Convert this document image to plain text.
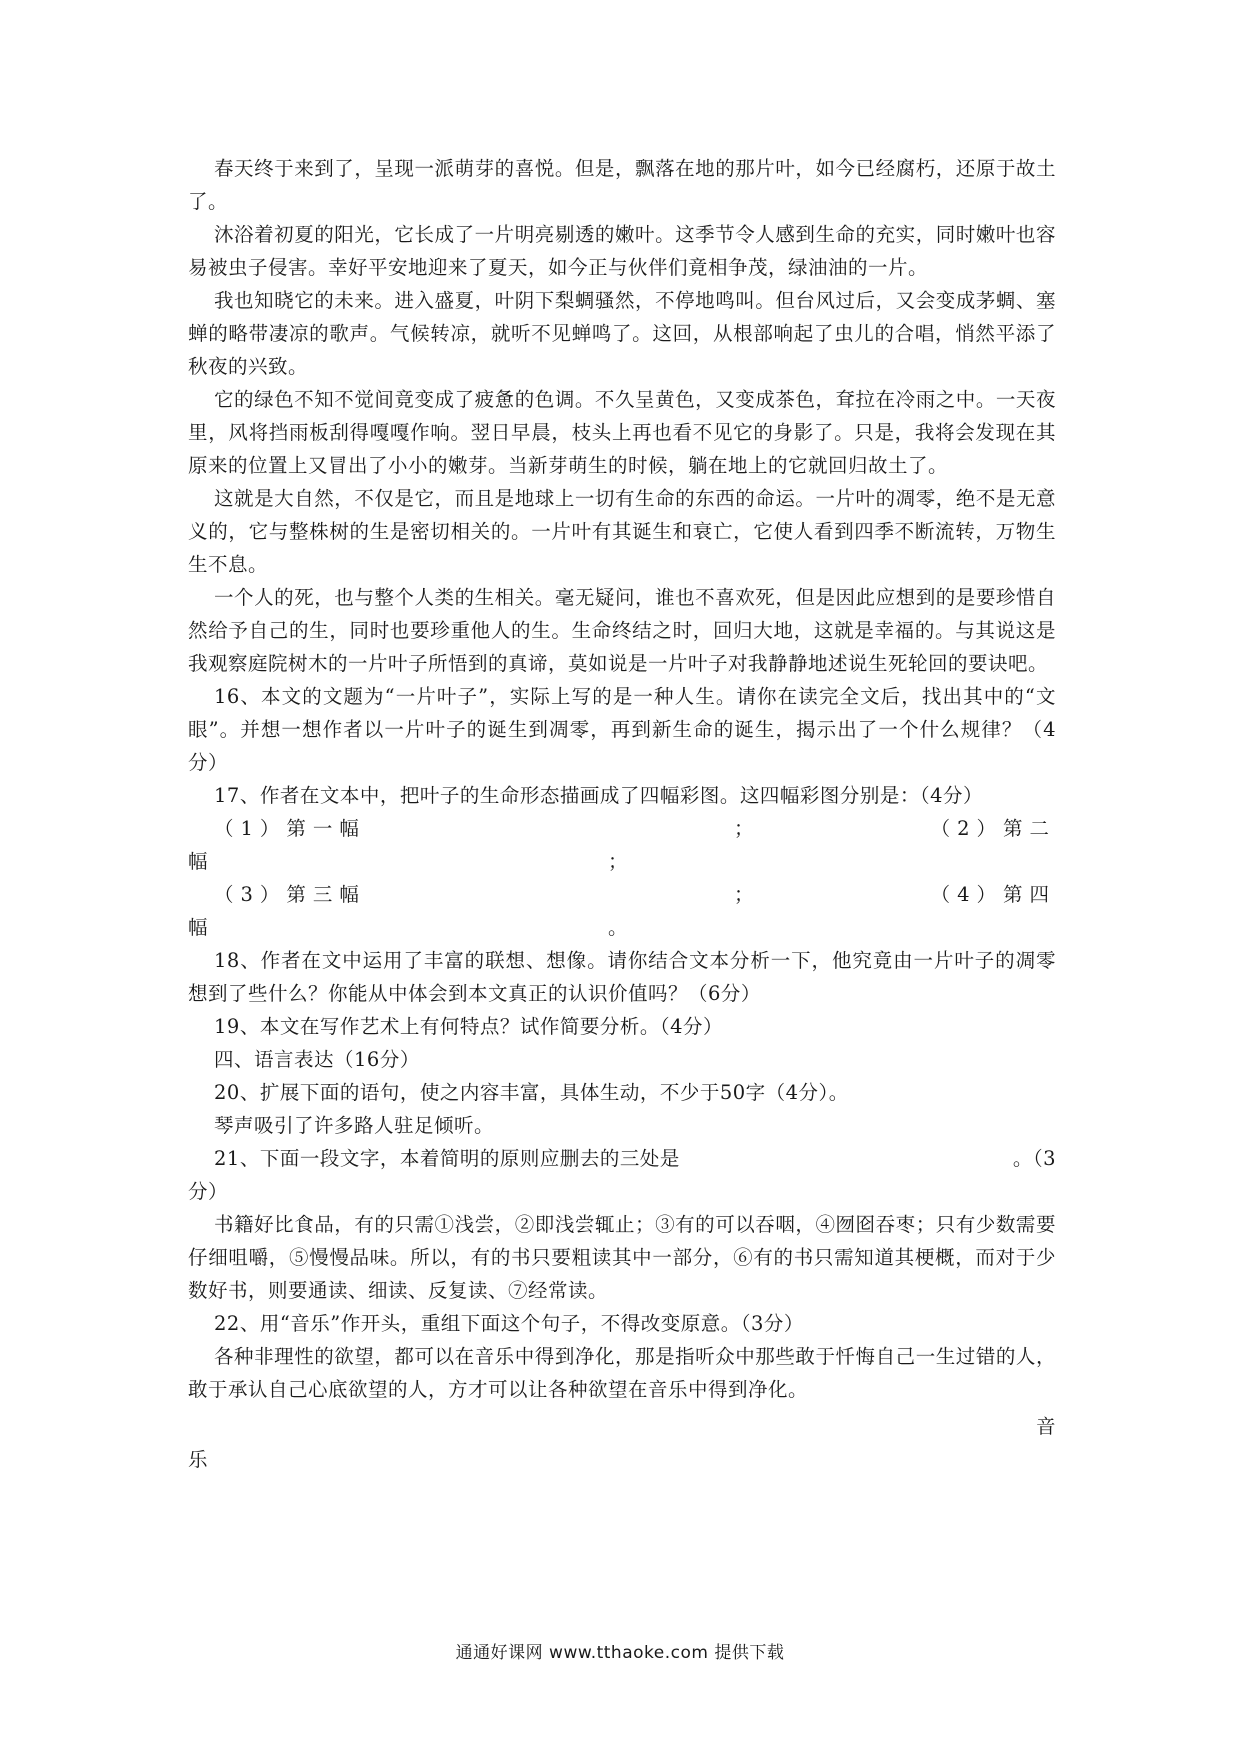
春天终于来到了，呈现一派萌芽的喜悦。但是，飘落在地的那片叶，如今已经腐朽，还原于故土了。

沐浴着初夏的阳光，它长成了一片明亮剔透的嫩叶。这季节令人感到生命的充实，同时嫩叶也容易被虫子侵害。幸好平安地迎来了夏天，如今正与伙伴们竟相争茂，绿油油的一片。

我也知晓它的未来。进入盛夏，叶阴下梨蜩骚然，不停地鸣叫。但台风过后，又会变成茅蜩、塞蝉的略带凄凉的歌声。气候转凉，就听不见蝉鸣了。这回，从根部响起了虫儿的合唱，悄然平添了秋夜的兴致。

它的绿色不知不觉间竟变成了疲惫的色调。不久呈黄色，又变成茶色，耷拉在冷雨之中。一天夜里，风将挡雨板刮得嘎嘎作响。翌日早晨，枝头上再也看不见它的身影了。只是，我将会发现在其原来的位置上又冒出了小小的嫩芽。当新芽萌生的时候，躺在地上的它就回归故土了。

这就是大自然，不仅是它，而且是地球上一切有生命的东西的命运。一片叶的凋零，绝不是无意义的，它与整株树的生是密切相关的。一片叶有其诞生和衰亡，它使人看到四季不断流转，万物生生不息。

一个人的死，也与整个人类的生相关。毫无疑问，谁也不喜欢死，但是因此应想到的是要珍惜自然给予自己的生，同时也要珍重他人的生。生命终结之时，回归大地，这就是幸福的。与其说这是我观察庭院树木的一片叶子所悟到的真谛，莫如说是一片叶子对我静静地述说生死轮回的要诀吧。

16、本文的文题为“一片叶子”，实际上写的是一种人生。请你在读完全文后，找出其中的“文眼”。并想一想作者以一片叶子的诞生到凋零，再到新生命的诞生，揭示出了一个什么规律？（4分）

17、作者在文本中，把叶子的生命形态描画成了四幅彩图。这四幅彩图分别是：（4分）

（1）第一幅	；	（2）第二
幅	；
（3）第三幅	；	（4）第四
幅	。

18、作者在文中运用了丰富的联想、想像。请你结合文本分析一下，他究竟由一片叶子的凋零想到了些什么？你能从中体会到本文真正的认识价值吗？（6分）

19、本文在写作艺术上有何特点？试作简要分析。（4分）

四、语言表达（16分）

20、扩展下面的语句，使之内容丰富，具体生动，不少于50字（4分）。

琴声吸引了许多路人驻足倾听。

21、下面一段文字，本着简明的原则应删去的三处是	。（3

分）

书籍好比食品，有的只需①浅尝，②即浅尝辄止；③有的可以吞咽，④囫囵吞枣；只有少数需要仔细咀嚼，⑤慢慢品味。所以，有的书只要粗读其中一部分，⑥有的书只需知道其梗概，而对于少数好书，则要通读、细读、反复读、⑦经常读。

22、用“音乐”作开头，重组下面这个句子，不得改变原意。（3分）

各种非理性的欲望，都可以在音乐中得到净化，那是指听众中那些敢于忏悔自己一生过错的人，敢于承认自己心底欲望的人，方才可以让各种欲望在音乐中得到净化。

音

乐

通通好课网 www.tthaoke.com 提供下载
